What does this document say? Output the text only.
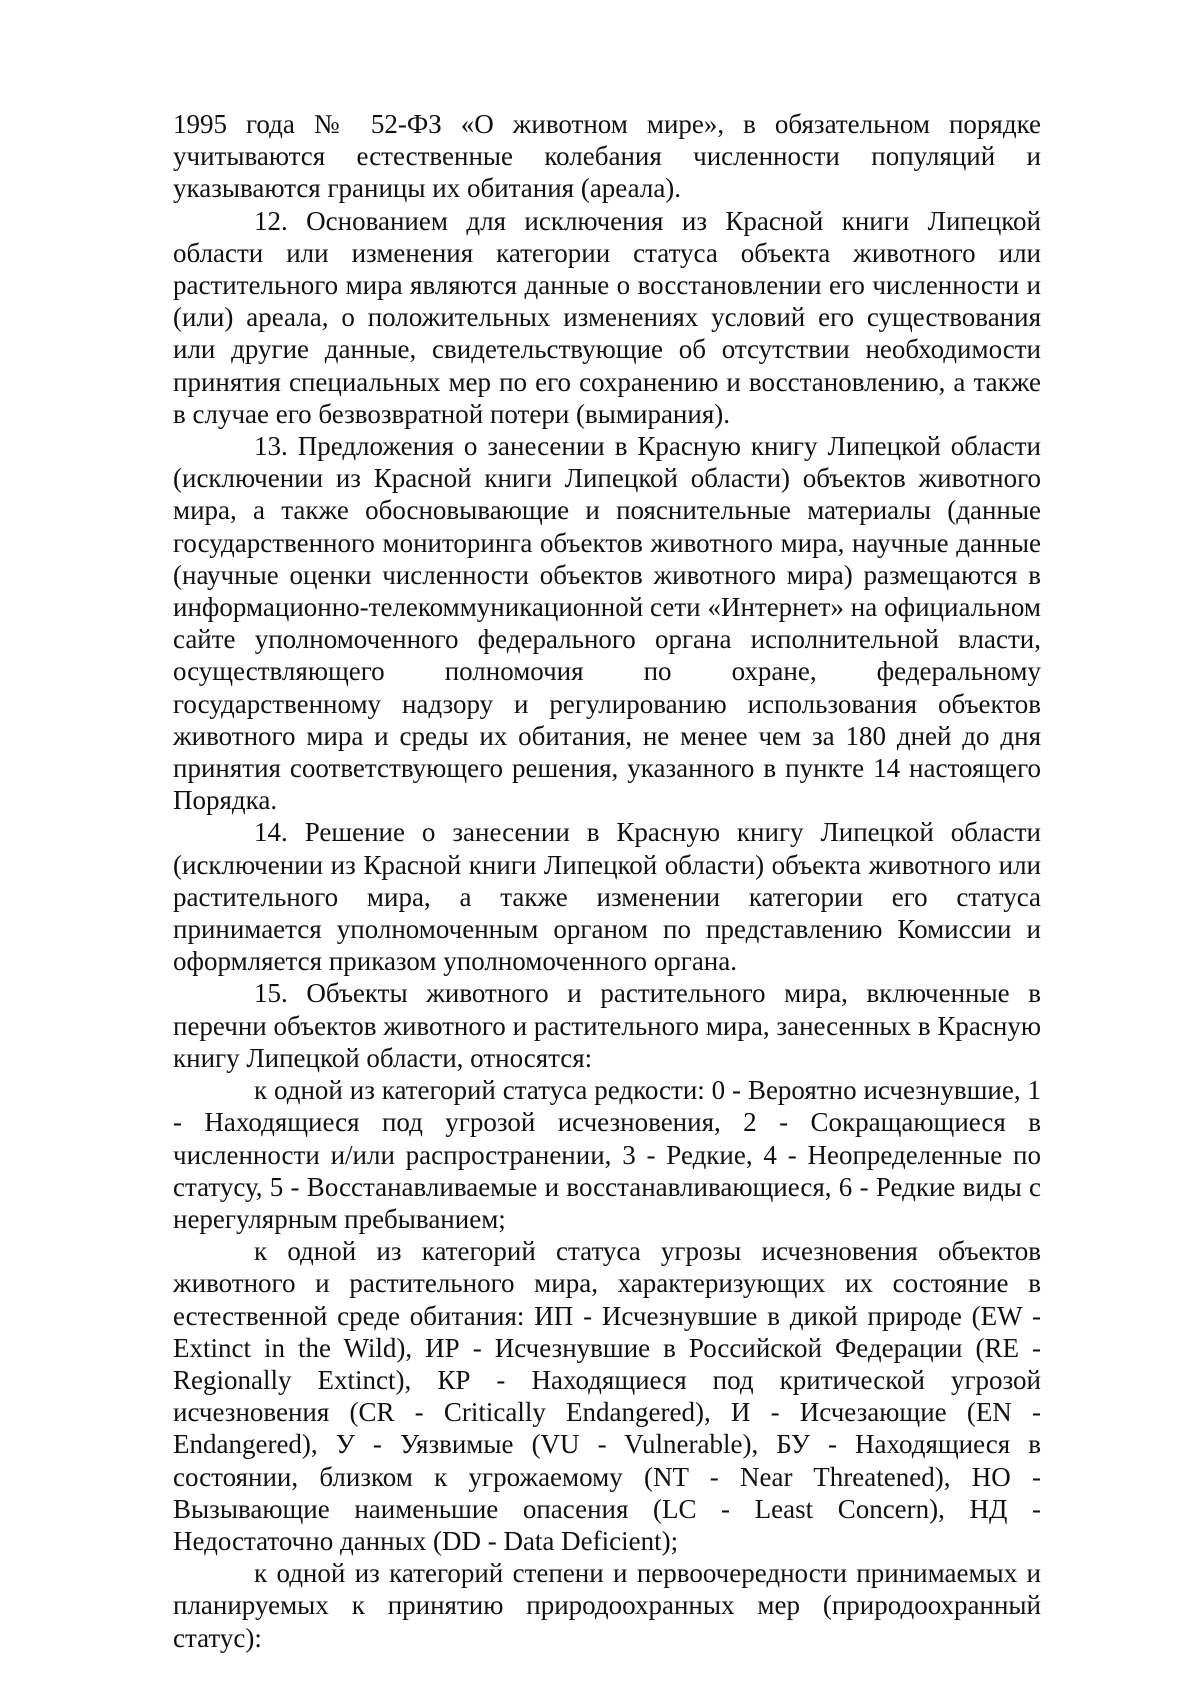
1995 года № 52-ФЗ «О животном мире», в обязательном порядке учитываются естественные колебания численности популяций и указываются границы их обитания (ареала).

12. Основанием для исключения из Красной книги Липецкой области или изменения категории статуса объекта животного или растительного мира являются данные о восстановлении его численности и (или) ареала, о положительных изменениях условий его существования или другие данные, свидетельствующие об отсутствии необходимости принятия специальных мер по его сохранению и восстановлению, а также в случае его безвозвратной потери (вымирания).

13. Предложения о занесении в Красную книгу Липецкой области (исключении из Красной книги Липецкой области) объектов животного мира, а также обосновывающие и пояснительные материалы (данные государственного мониторинга объектов животного мира, научные данные (научные оценки численности объектов животного мира) размещаются в информационно-телекоммуникационной сети «Интернет» на официальном сайте уполномоченного федерального органа исполнительной власти, осуществляющего полномочия по охране, федеральному государственному надзору и регулированию использования объектов животного мира и среды их обитания, не менее чем за 180 дней до дня принятия соответствующего решения, указанного в пункте 14 настоящего Порядка.

14. Решение о занесении в Красную книгу Липецкой области (исключении из Красной книги Липецкой области) объекта животного или растительного мира, а также изменении категории его статуса принимается уполномоченным органом по представлению Комиссии и оформляется приказом уполномоченного органа.

15. Объекты животного и растительного мира, включенные в перечни объектов животного и растительного мира, занесенных в Красную книгу Липецкой области, относятся:

к одной из категорий статуса редкости: 0 - Вероятно исчезнувшие, 1 - Находящиеся под угрозой исчезновения, 2 - Сокращающиеся в численности и/или распространении, 3 - Редкие, 4 - Неопределенные по статусу, 5 - Восстанавливаемые и восстанавливающиеся, 6 - Редкие виды с нерегулярным пребыванием;

к одной из категорий статуса угрозы исчезновения объектов животного и растительного мира, характеризующих их состояние в естественной среде обитания: ИП - Исчезнувшие в дикой природе (EW - Extinct in the Wild), ИР - Исчезнувшие в Российской Федерации (RE - Regionally Extinct), КР - Находящиеся под критической угрозой исчезновения (CR - Critically Endangered), И - Исчезающие (EN - Endangered), У - Уязвимые (VU - Vulnerable), БУ - Находящиеся в состоянии, близком к угрожаемому (NT - Near Threatened), НО - Вызывающие наименьшие опасения (LC - Least Concern), НД - Недостаточно данных (DD - Data Deficient);

к одной из категорий степени и первоочередности принимаемых и планируемых к принятию природоохранных мер (природоохранный статус):
